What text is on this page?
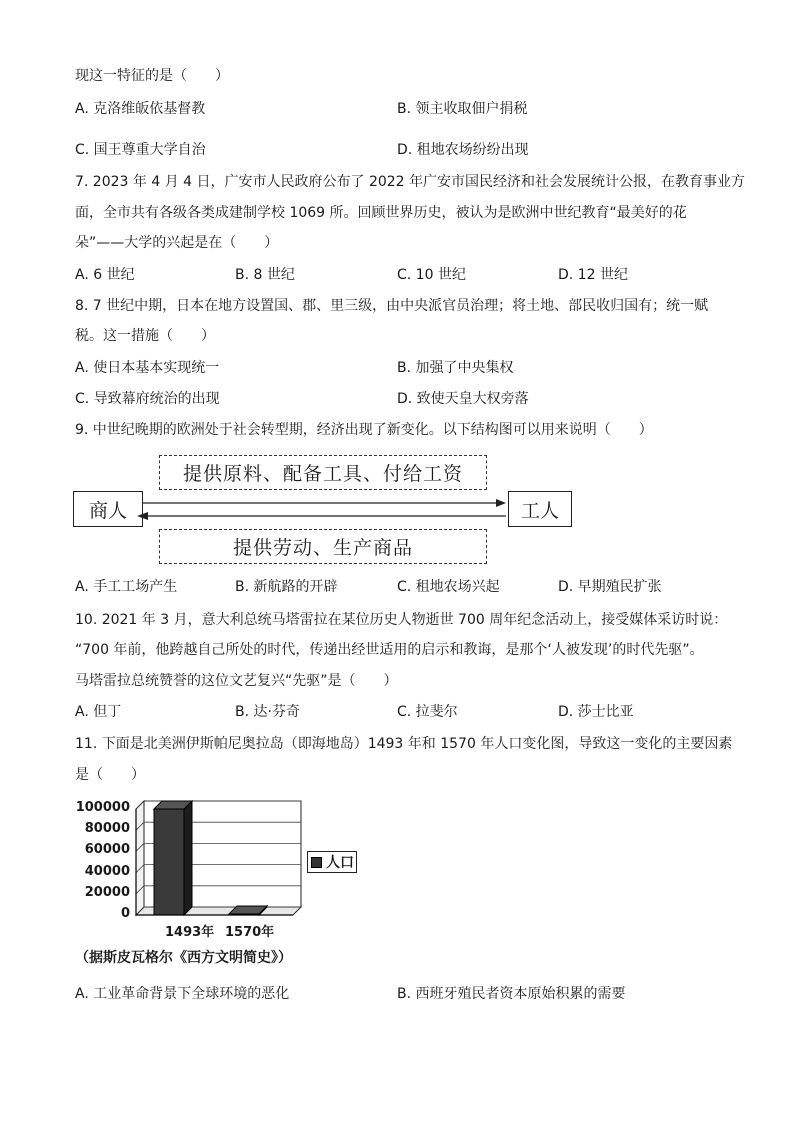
现这一特征的是（　　）
A. 克洛维皈依基督教	B. 领主收取佃户捐税
C. 国王尊重大学自治	D. 租地农场纷纷出现
7. 2023 年 4 月 4 日，广安市人民政府公布了 2022 年广安市国民经济和社会发展统计公报，在教育事业方
面，全市共有各级各类成建制学校 1069 所。回顾世界历史，被认为是欧洲中世纪教育“最美好的花
朵”——大学的兴起是在（　　）
A. 6 世纪	B. 8 世纪	C. 10 世纪	D. 12 世纪
8. 7 世纪中期，日本在地方设置国、郡、里三级，由中央派官员治理；将土地、部民收归国有；统一赋
税。这一措施（　　）
A. 使日本基本实现统一	B. 加强了中央集权
C. 导致幕府统治的出现	D. 致使天皇大权旁落
9. 中世纪晚期的欧洲处于社会转型期，经济出现了新变化。以下结构图可以用来说明（　　）
提供原料、配备工具、付给工资
商人	工人
提供劳动、生产商品
A. 手工工场产生	B. 新航路的开辟	C. 租地农场兴起	D. 早期殖民扩张
10. 2021 年 3 月，意大利总统马塔雷拉在某位历史人物逝世 700 周年纪念活动上，接受媒体采访时说：
“700 年前，他跨越自己所处的时代，传递出经世适用的启示和教诲，是那个‘人被发现’的时代先驱”。
马塔雷拉总统赞誉的这位文艺复兴“先驱”是（　　）
A. 但丁	B. 达·芬奇	C. 拉斐尔	D. 莎士比亚
11. 下面是北美洲伊斯帕尼奥拉岛（即海地岛）1493 年和 1570 年人口变化图，导致这一变化的主要因素
是（　　）
100000
80000
60000
40000
20000
0
1493年 1570年
人口
（据斯皮瓦格尔《西方文明简史》）
A. 工业革命背景下全球环境的恶化	B. 西班牙殖民者资本原始积累的需要
